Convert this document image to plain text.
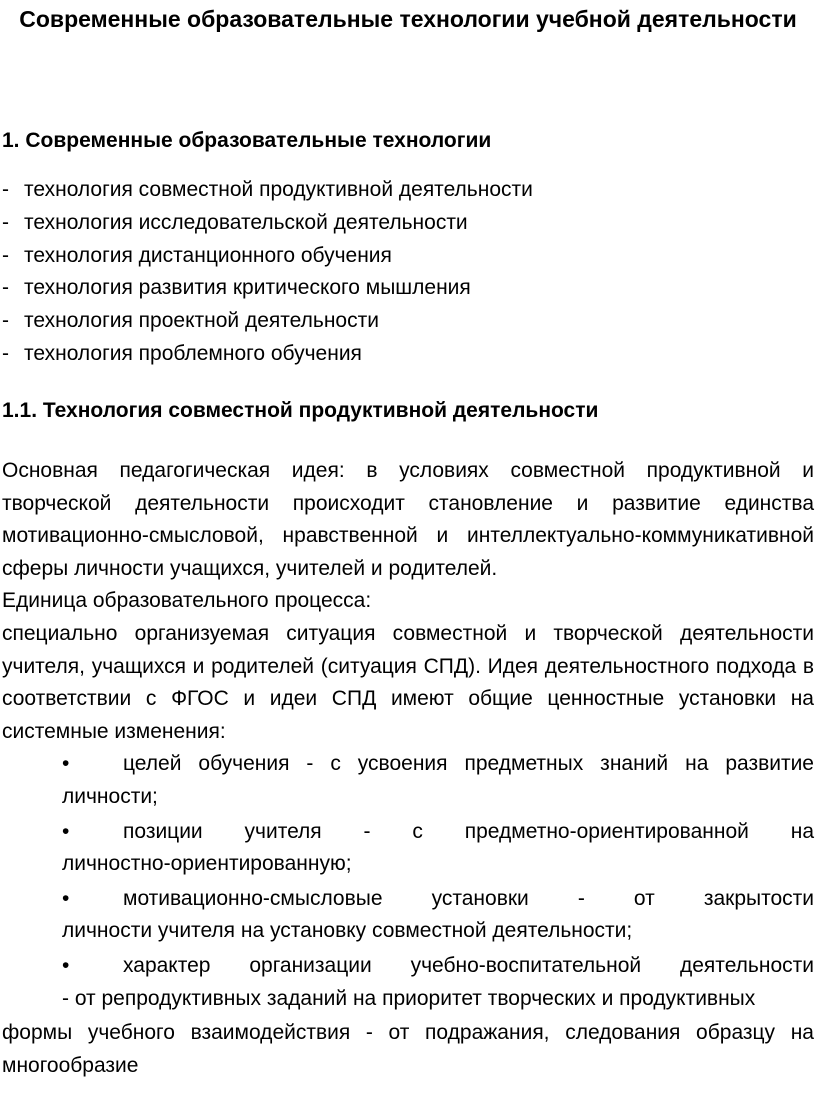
Современные образовательные технологии учебной деятельности
1. Современные образовательные технологии
- технология совместной продуктивной деятельности
- технология исследовательской деятельности
- технология дистанционного обучения
- технология развития критического мышления
- технология проектной деятельности
- технология проблемного обучения
1.1. Технология совместной продуктивной деятельности

Основная педагогическая идея: в условиях совместной продуктивной и творческой деятельности происходит становление и развитие единства мотивационно-смысловой, нравственной и интеллектуально-коммуникативной сферы личности учащихся, учителей и родителей.

Единица образовательного процесса:

специально организуемая ситуация совместной и творческой деятельности учителя, учащихся и родителей (ситуация СПД). Идея деятельностного подхода в соответствии с ФГОС и идеи СПД имеют общие ценностные установки на системные изменения:

•	целей обучения - с усвоения предметных знаний на развитие
личности;
•	позиции учителя - с предметно-ориентированной на
личностно-ориентированную;
•	мотивационно-смысловые установки - от закрытости
личности учителя на установку совместной деятельности;
•	характер организации учебно-воспитательной деятельности
- от репродуктивных заданий на приоритет творческих и продуктивных

формы учебного взаимодействия - от подражания, следования образцу на многообразие
